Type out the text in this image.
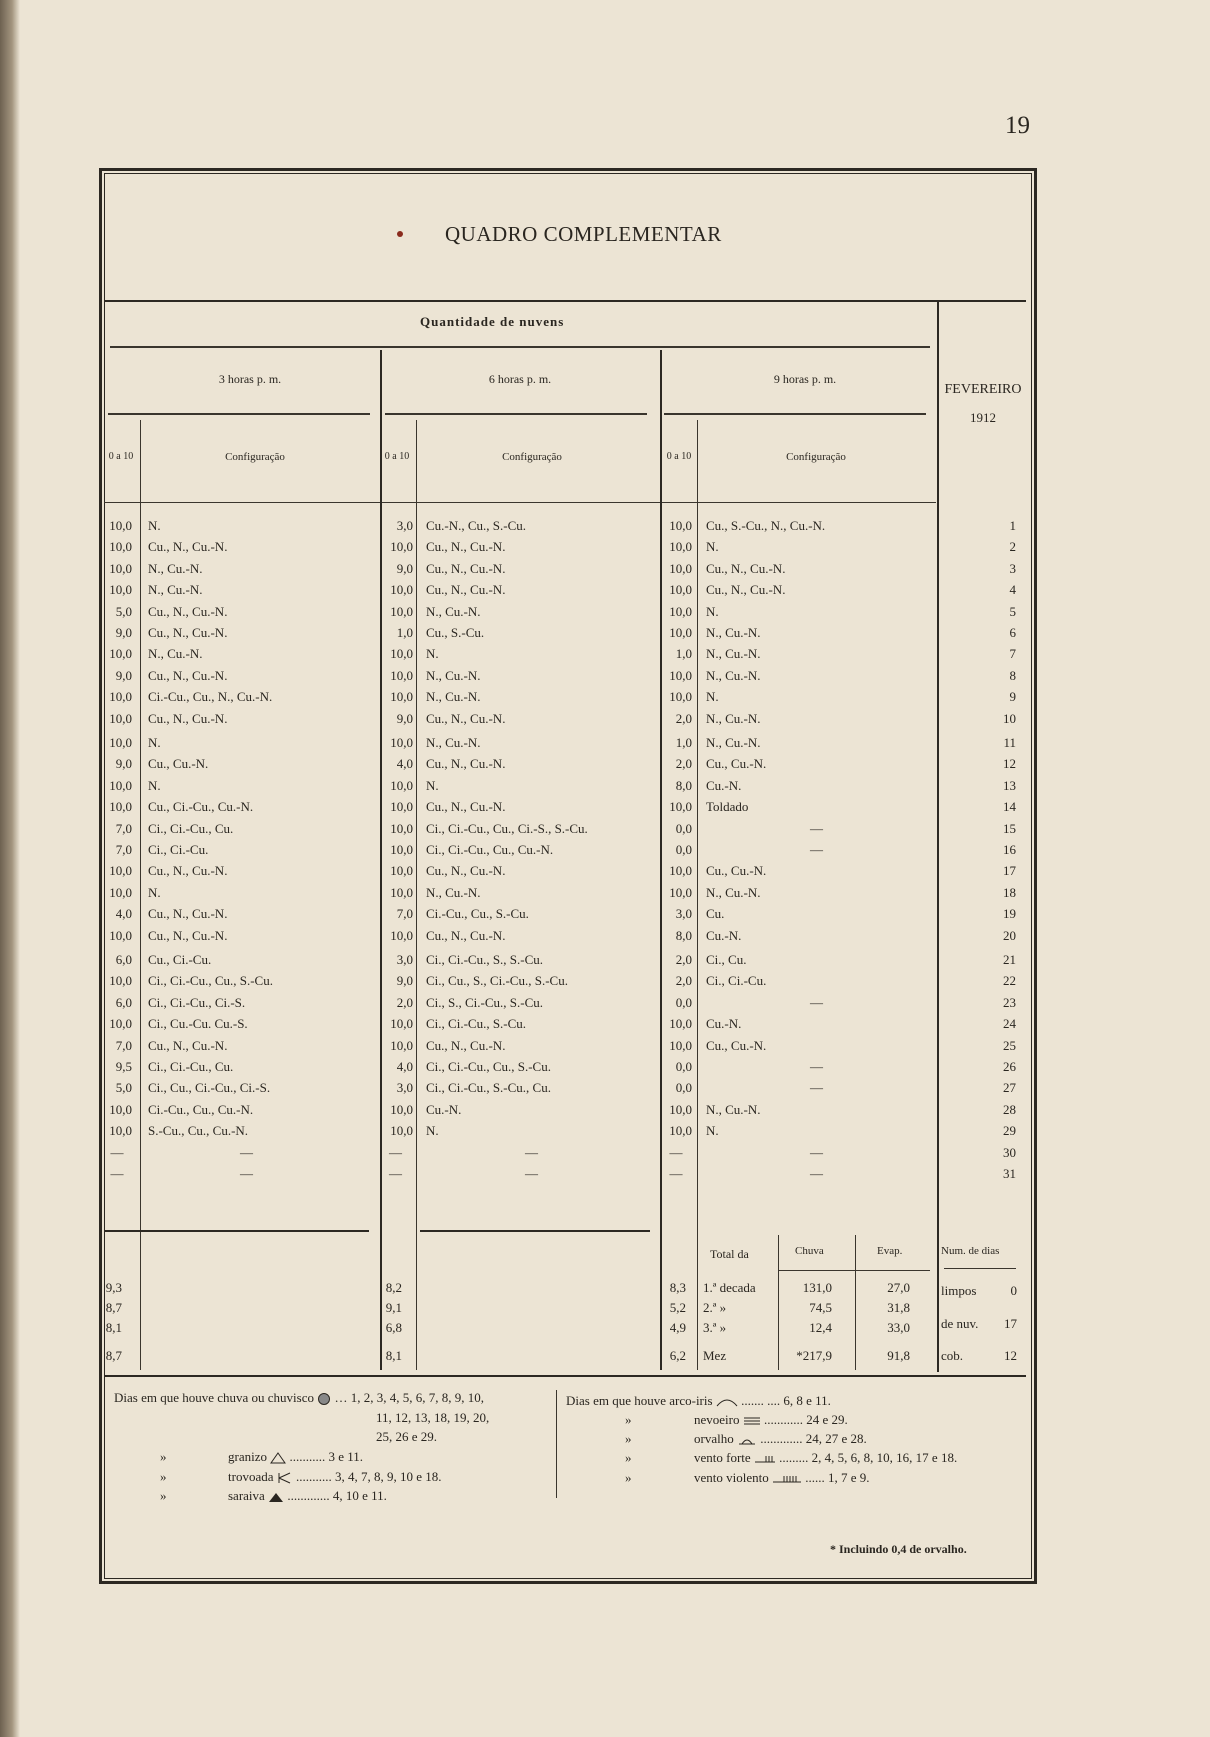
19
QUADRO COMPLEMENTAR
Quantidade de nuvens
FEVEREIRO
1912
3 horas p. m.	6 horas p. m.	9 horas p. m.
0 a 10	Configuração	0 a 10	Configuração	0 a 10	Configuração
10,0 N.	3,0 Cu.-N., Cu., S.-Cu.	10,0 Cu., S.-Cu., N., Cu.-N.	1
10,0 Cu., N., Cu.-N.	10,0 Cu., N., Cu.-N.	10,0 N.	2
10,0 N., Cu.-N.	9,0 Cu., N., Cu.-N.	10,0 Cu., N., Cu.-N.	3
10,0 N., Cu.-N.	10,0 Cu., N., Cu.-N.	10,0 Cu., N., Cu.-N.	4
5,0 Cu., N., Cu.-N.	10,0 N., Cu.-N.	10,0 N.	5
9,0 Cu., N., Cu.-N.	1,0 Cu., S.-Cu.	10,0 N., Cu.-N.	6
10,0 N., Cu.-N.	10,0 N.	1,0 N., Cu.-N.	7
9,0 Cu., N., Cu.-N.	10,0 N., Cu.-N.	10,0 N., Cu.-N.	8
10,0 Ci.-Cu., Cu., N., Cu.-N.	10,0 N., Cu.-N.	10,0 N.	9
10,0 Cu., N., Cu.-N.	9,0 Cu., N., Cu.-N.	2,0 N., Cu.-N.	10
10,0 N.	10,0 N., Cu.-N.	1,0 N., Cu.-N.	11
9,0 Cu., Cu.-N.	4,0 Cu., N., Cu.-N.	2,0 Cu., Cu.-N.	12
10,0 N.	10,0 N.	8,0 Cu.-N.	13
10,0 Cu., Ci.-Cu., Cu.-N.	10,0 Cu., N., Cu.-N.	10,0 Toldado	14
7,0 Ci., Ci.-Cu., Cu.	10,0 Ci., Ci.-Cu., Cu., Ci.-S., S.-Cu.	0,0	—	15
7,0 Ci., Ci.-Cu.	10,0 Ci., Ci.-Cu., Cu., Cu.-N.	0,0	—	16
10,0 Cu., N., Cu.-N.	10,0 Cu., N., Cu.-N.	10,0 Cu., Cu.-N.	17
10,0 N.	10,0 N., Cu.-N.	10,0 N., Cu.-N.	18
4,0 Cu., N., Cu.-N.	7,0 Ci.-Cu., Cu., S.-Cu.	3,0 Cu.	19
10,0 Cu., N., Cu.-N.	10,0 Cu., N., Cu.-N.	8,0 Cu.-N.	20
6,0 Cu., Ci.-Cu.	3,0 Ci., Ci.-Cu., S., S.-Cu.	2,0 Ci., Cu.	21
10,0 Ci., Ci.-Cu., Cu., S.-Cu.	9,0 Ci., Cu., S., Ci.-Cu., S.-Cu.	2,0 Ci., Ci.-Cu.	22
6,0 Ci., Ci.-Cu., Ci.-S.	2,0 Ci., S., Ci.-Cu., S.-Cu.	0,0	—	23
10,0 Ci., Cu.-Cu. Cu.-S.	10,0 Ci., Ci.-Cu., S.-Cu.	10,0 Cu.-N.	24
7,0 Cu., N., Cu.-N.	10,0 Cu., N., Cu.-N.	10,0 Cu., Cu.-N.	25
9,5 Ci., Ci.-Cu., Cu.	4,0 Ci., Ci.-Cu., Cu., S.-Cu.	0,0	—	26
5,0 Ci., Cu., Ci.-Cu., Ci.-S.	3,0 Ci., Ci.-Cu., S.-Cu., Cu.	0,0	—	27
10,0 Ci.-Cu., Cu., Cu.-N.	10,0 Cu.-N.	10,0 N., Cu.-N.	28
10,0 S.-Cu., Cu., Cu.-N.	10,0 N.	10,0 N.	29
—	—	—	—	—	—	30
—	—	—	—	—	—	31
Total da	Chuva	Evap.	Num. de dias
9,3	8,2	8,3 1.ª decada	131,0	27,0
8,7	9,1	5,2 2.ª »	74,5	31,8
8,1	6,8	4,9 3.ª »	12,4	33,0
8,7	8,1	6,2 Mez	*217,9	91,8
limpos	0
de nuv.	17
cob.	12
Dias em que houve chuva ou chuvisco … 1, 2, 3, 4, 5, 6, 7, 8, 9, 10,
11, 12, 13, 18, 19, 20,
25, 26 e 29.
»	granizo ........... 3 e 11.
»	trovoada ........... 3, 4, 7, 8, 9, 10 e 18.
»	saraiva ............. 4, 10 e 11.
Dias em que houve arco-iris ....... .... 6, 8 e 11.
»	nevoeiro ............ 24 e 29.
»	orvalho ............. 24, 27 e 28.
»	vento forte ......... 2, 4, 5, 6, 8, 10, 16, 17 e 18.
»	vento violento	...... 1, 7 e 9.
* Incluindo 0,4 de orvalho.
